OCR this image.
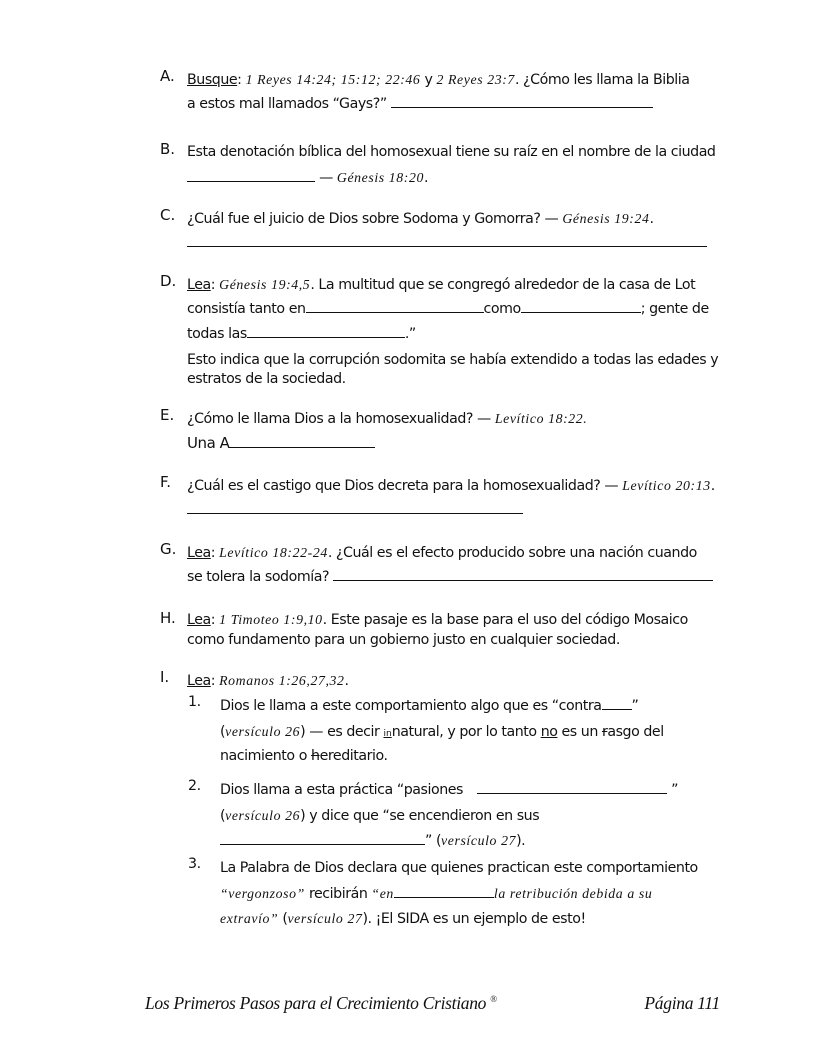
A. Busque: 1 Reyes 14:24; 15:12; 22:46 y 2 Reyes 23:7. ¿Cómo les llama la Biblia
a estos mal llamados “Gays?”
B. Esta denotación bíblica del homosexual tiene su raíz en el nombre de la ciudad
— Génesis 18:20.
C. ¿Cuál fue el juicio de Dios sobre Sodoma y Gomorra? — Génesis 19:24.
D. Lea: Génesis 19:4,5. La multitud que se congregó alrededor de la casa de Lot
consistía tanto en	como	; gente de
todas las	.”
Esto indica que la corrupción sodomita se había extendido a todas las edades y estratos de la sociedad.
E. ¿Cómo le llama Dios a la homosexualidad? — Levítico 18:22.
Una A
F. ¿Cuál es el castigo que Dios decreta para la homosexualidad? — Levítico 20:13.
G. Lea: Levítico 18:22-24. ¿Cuál es el efecto producido sobre una nación cuando
se tolera la sodomía?
H. Lea: 1 Timoteo 1:9,10. Este pasaje es la base para el uso del código Mosaico
como fundamento para un gobierno justo en cualquier sociedad.
I. Lea: Romanos 1:26,27,32.
1. Dios le llama a este comportamiento algo que es “contra ”
(versículo 26) — es decir innatural, y por lo tanto no es un rasgo del
nacimiento o hereditario.
2. Dios llama a esta práctica “pasiones	”
(versículo 26) y dice que “se encendieron en sus
” (versículo 27).
3. La Palabra de Dios declara que quienes practican este comportamiento
“vergonzoso” recibirán “en	la retribución debida a su
extravío” (versículo 27). ¡El SIDA es un ejemplo de esto!
Los Primeros Pasos para el Crecimiento Cristiano ®	Página 111
